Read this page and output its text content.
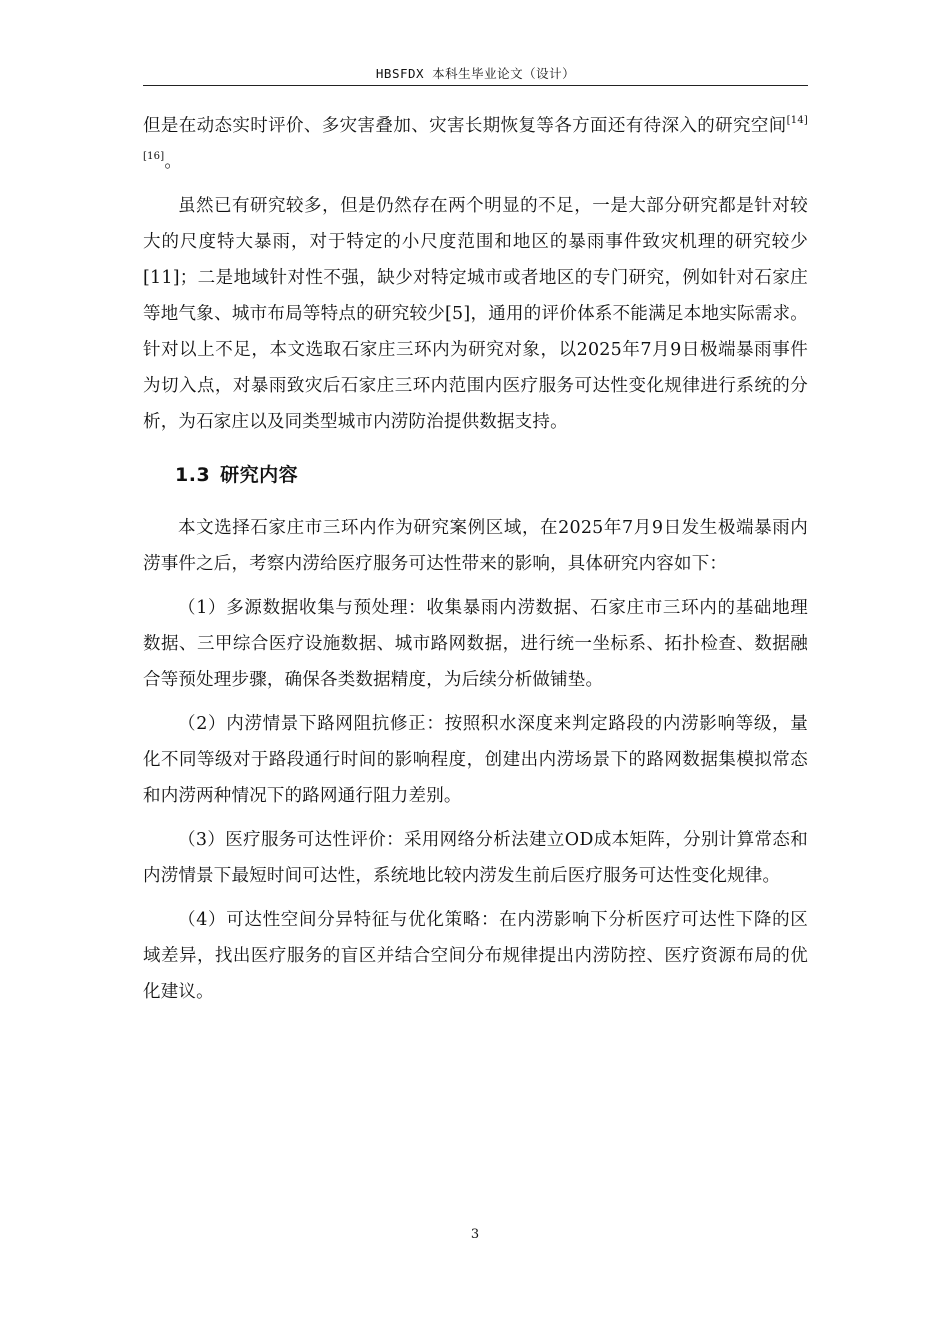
HBSFDX 本科生毕业论文（设计）

但是在动态实时评价、多灾害叠加、灾害长期恢复等各方面还有待深入的研究空间[14][16]。

虽然已有研究较多，但是仍然存在两个明显的不足，一是大部分研究都是针对较大的尺度特大暴雨，对于特定的小尺度范围和地区的暴雨事件致灾机理的研究较少[11]；二是地域针对性不强，缺少对特定城市或者地区的专门研究，例如针对石家庄等地气象、城市布局等特点的研究较少[5]，通用的评价体系不能满足本地实际需求。针对以上不足，本文选取石家庄三环内为研究对象，以2025年7月9日极端暴雨事件为切入点，对暴雨致灾后石家庄三环内范围内医疗服务可达性变化规律进行系统的分析，为石家庄以及同类型城市内涝防治提供数据支持。

1.3 研究内容

本文选择石家庄市三环内作为研究案例区域，在2025年7月9日发生极端暴雨内涝事件之后，考察内涝给医疗服务可达性带来的影响，具体研究内容如下：

（1）多源数据收集与预处理：收集暴雨内涝数据、石家庄市三环内的基础地理数据、三甲综合医疗设施数据、城市路网数据，进行统一坐标系、拓扑检查、数据融合等预处理步骤，确保各类数据精度，为后续分析做铺垫。

（2）内涝情景下路网阻抗修正：按照积水深度来判定路段的内涝影响等级，量化不同等级对于路段通行时间的影响程度，创建出内涝场景下的路网数据集模拟常态和内涝两种情况下的路网通行阻力差别。

（3）医疗服务可达性评价：采用网络分析法建立OD成本矩阵，分别计算常态和内涝情景下最短时间可达性，系统地比较内涝发生前后医疗服务可达性变化规律。

（4）可达性空间分异特征与优化策略：在内涝影响下分析医疗可达性下降的区域差异，找出医疗服务的盲区并结合空间分布规律提出内涝防控、医疗资源布局的优化建议。

3
